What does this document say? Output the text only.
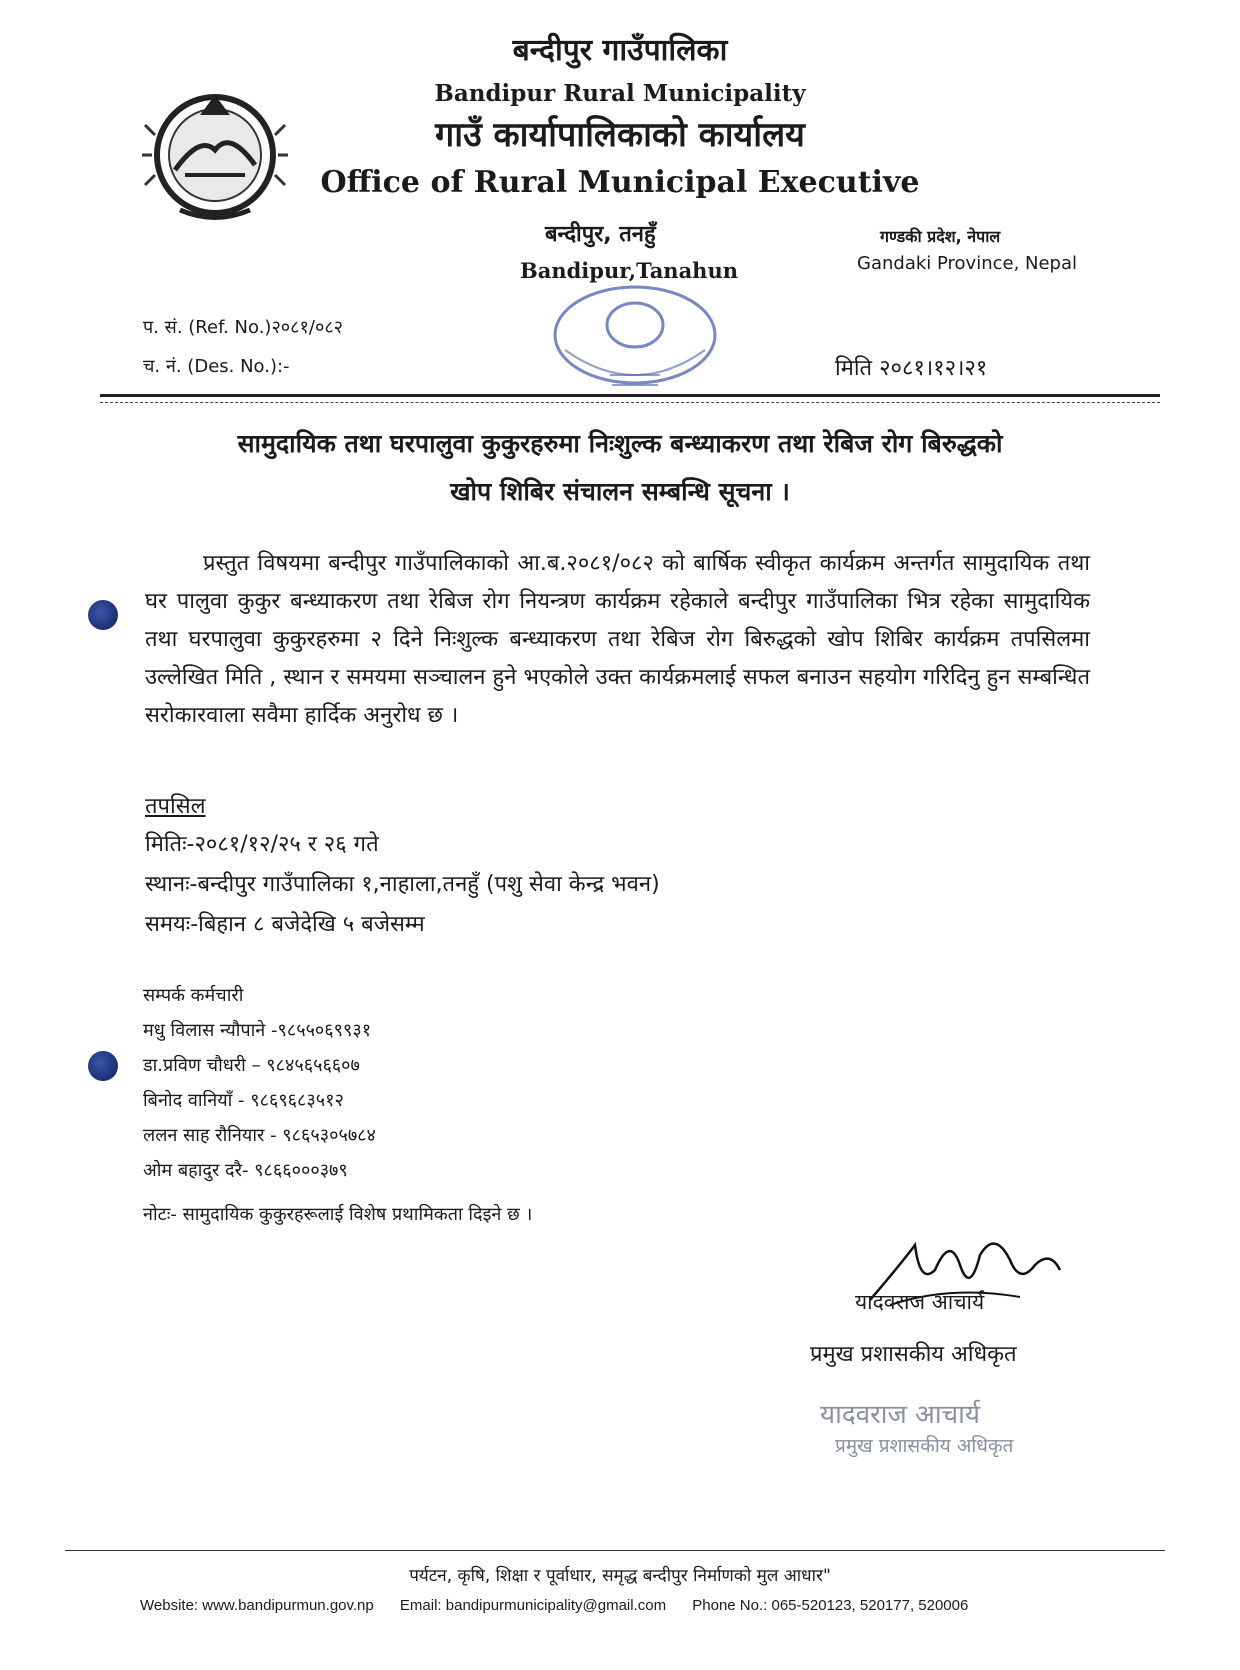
बन्दीपुर गाउँपालिका
Bandipur Rural Municipality
गाउँ कार्यापालिकाको कार्यालय
Office of Rural Municipal Executive
बन्दीपुर, तनहुँ
Bandipur,Tanahun
गण्डकी प्रदेश, नेपाल
Gandaki Province, Nepal
प. सं. (Ref. No.)२०८१/०८२
च. नं. (Des. No.):-	मिति २०८१।१२।२१
सामुदायिक तथा घरपालुवा कुकुरहरुमा निःशुल्क बन्ध्याकरण तथा रेबिज रोग बिरुद्धको
खोप शिबिर संचालन सम्बन्धि सूचना ।

प्रस्तुत विषयमा बन्दीपुर गाउँपालिकाको आ.ब.२०८१/०८२ को बार्षिक स्वीकृत कार्यक्रम अन्तर्गत सामुदायिक तथा घर पालुवा कुकुर बन्ध्याकरण तथा रेबिज रोग नियन्त्रण कार्यक्रम रहेकाले बन्दीपुर गाउँपालिका भित्र रहेका सामुदायिक तथा घरपालुवा कुकुरहरुमा २ दिने निःशुल्क बन्ध्याकरण तथा रेबिज रोग बिरुद्धको खोप शिबिर कार्यक्रम तपसिलमा उल्लेखित मिति , स्थान र समयमा सञ्चालन हुने भएकोले उक्त कार्यक्रमलाई सफल बनाउन सहयोग गरिदिनु हुन सम्बन्धित सरोकारवाला सवैमा हार्दिक अनुरोध छ ।

तपसिल
मितिः-२०८१/१२/२५ र २६ गते
स्थानः-बन्दीपुर गाउँपालिका १,नाहाला,तनहुँ (पशु सेवा केन्द्र भवन)
समयः-बिहान ८ बजेदेखि ५ बजेसम्म
सम्पर्क कर्मचारी
मधु विलास न्यौपाने -९८५५०६९९३१
डा.प्रविण चौधरी – ९८४५६५६६०७
बिनोद वानियाँ - ९८६९६८३५१२
ललन साह रौनियार - ९८६५३०५७८४
ओम बहादुर दरै- ९८६६०००३७९
नोटः- सामुदायिक कुकुरहरूलाई विशेष प्रथामिकता दिइने छ ।
यादवराज आचार्य
प्रमुख प्रशासकीय अधिकृत
यादवराज आचार्य
प्रमुख प्रशासकीय अधिकृत
पर्यटन, कृषि, शिक्षा र पूर्वाधार, समृद्ध बन्दीपुर निर्माणको मुल आधार"
Website: www.bandipurmun.gov.np Email: bandipurmunicipality@gmail.com Phone No.: 065-520123, 520177, 520006
